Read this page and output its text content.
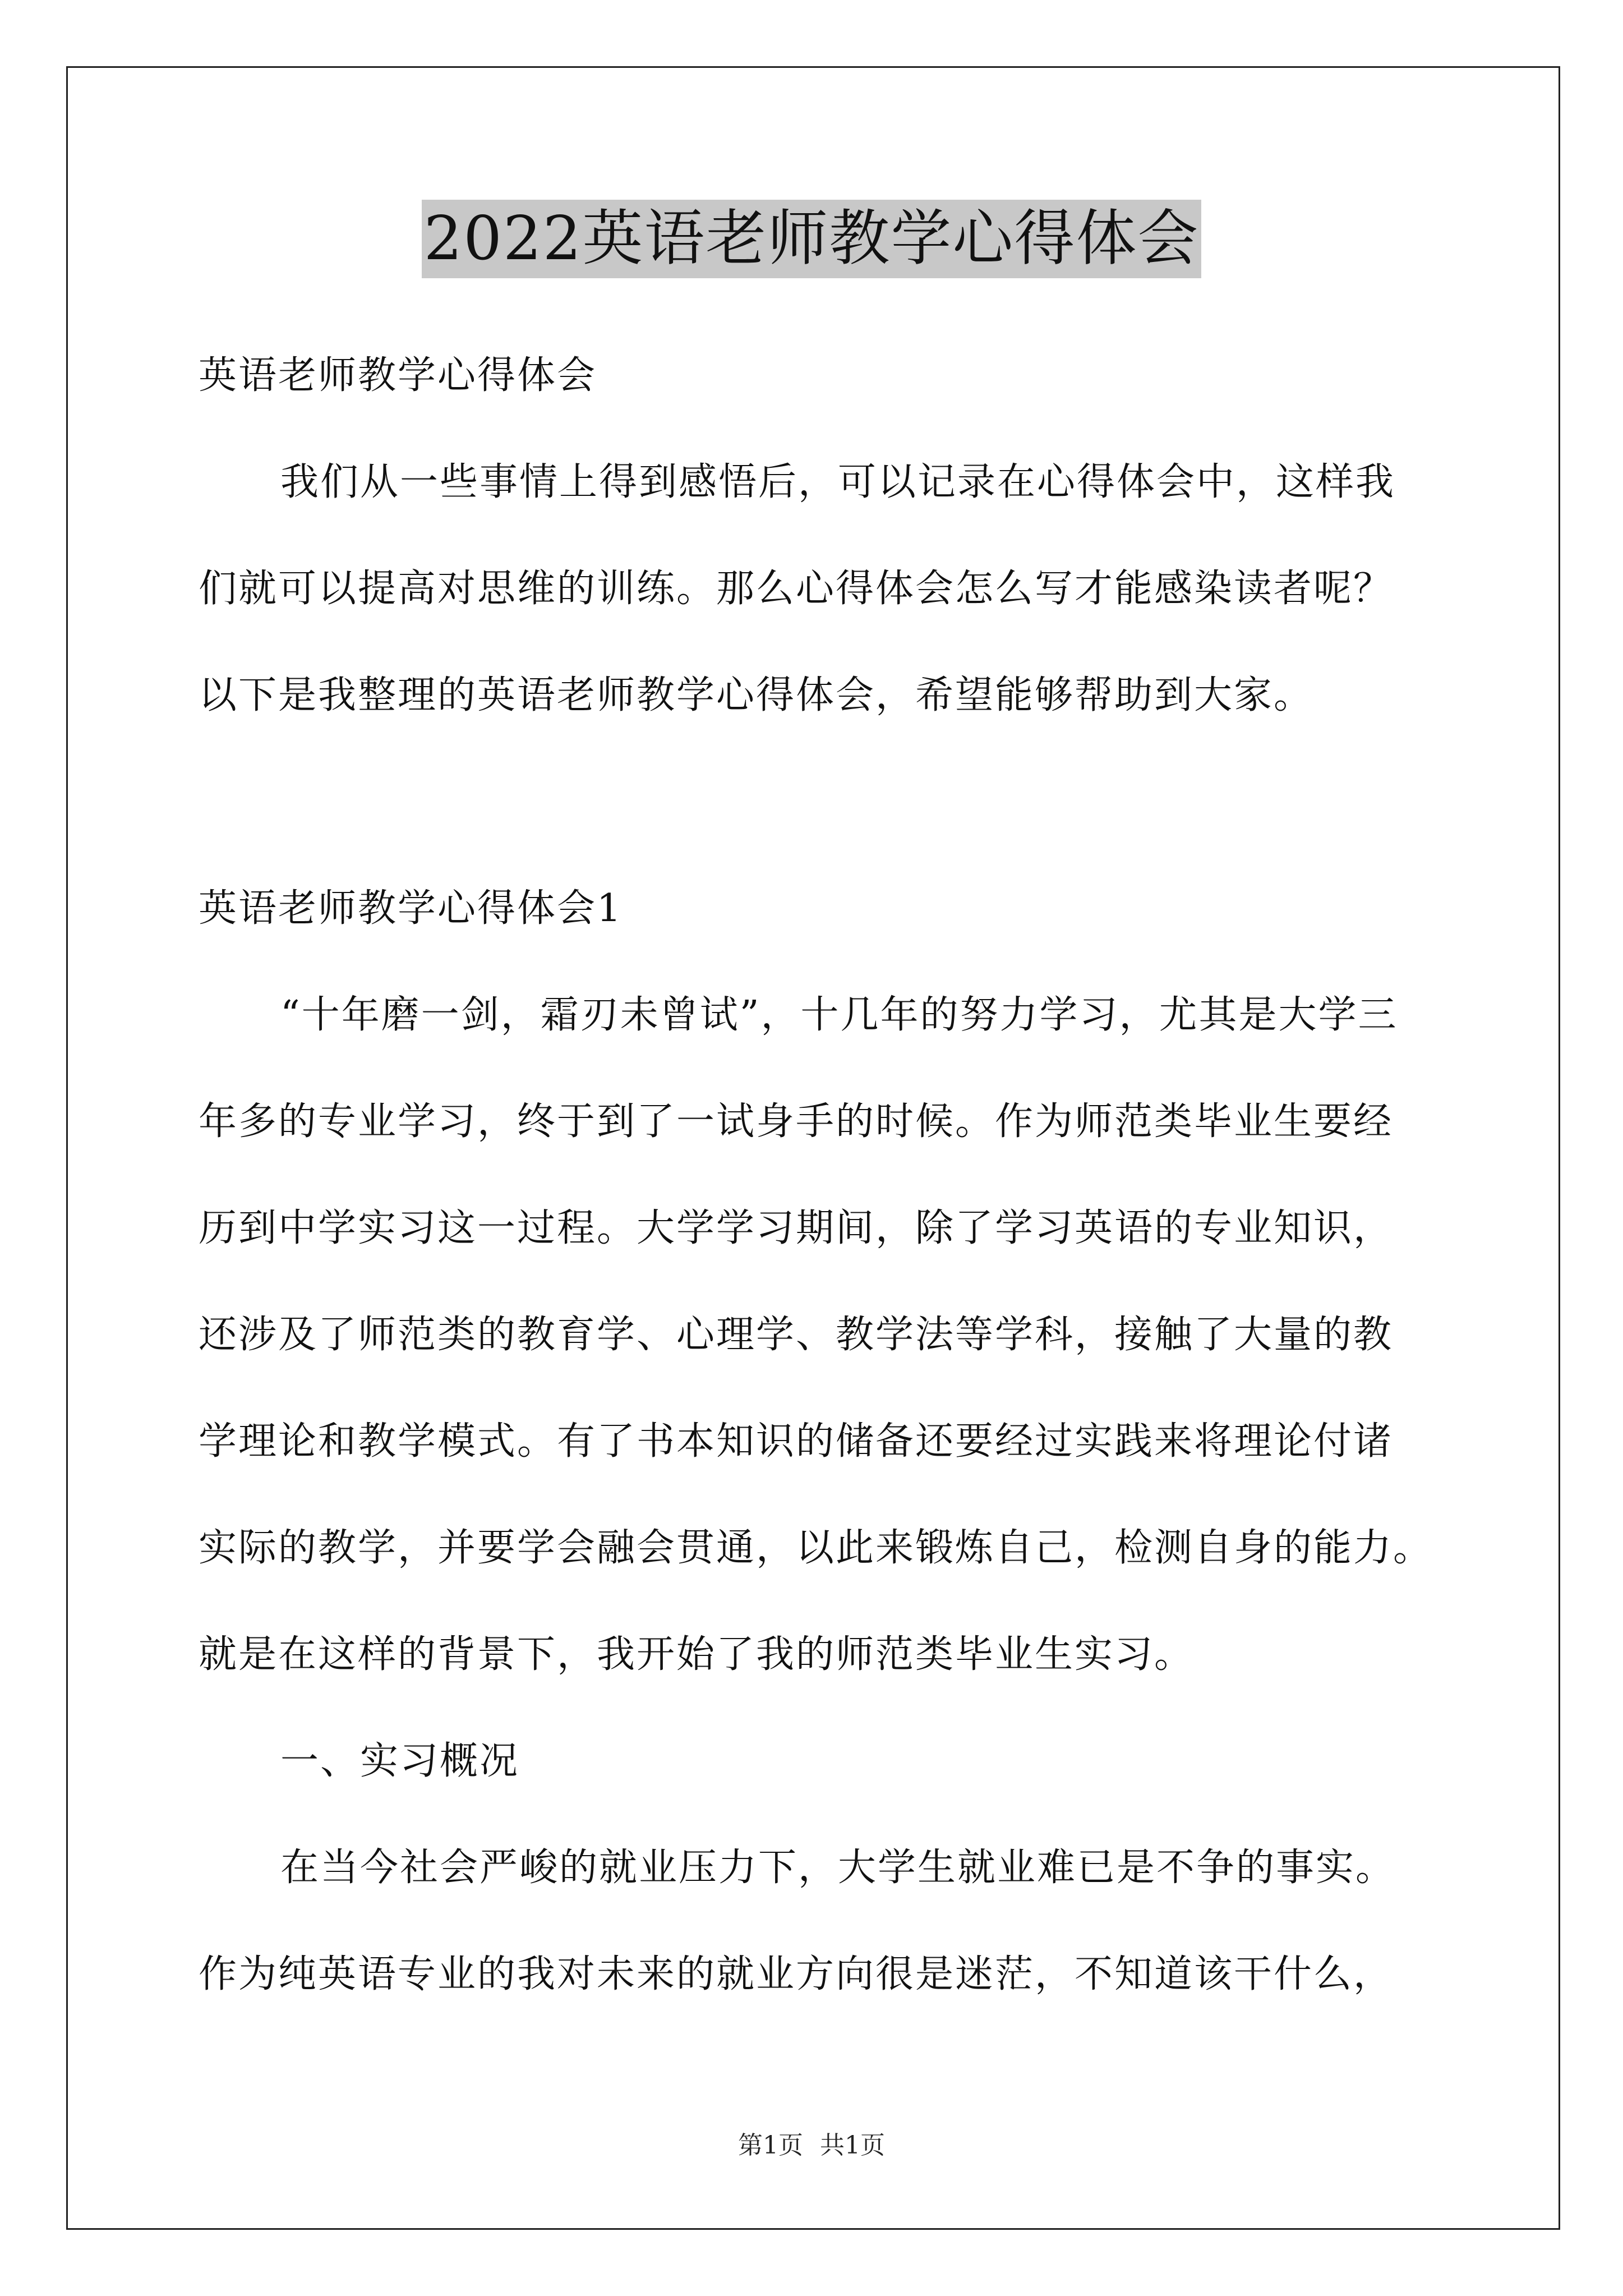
2022英语老师教学心得体会
英语老师教学心得体会
我们从一些事情上得到感悟后，可以记录在心得体会中，这样我
们就可以提高对思维的训练。那么心得体会怎么写才能感染读者呢？
以下是我整理的英语老师教学心得体会，希望能够帮助到大家。
英语老师教学心得体会1
“十年磨一剑，霜刃未曾试”，十几年的努力学习，尤其是大学三
年多的专业学习，终于到了一试身手的时候。作为师范类毕业生要经
历到中学实习这一过程。大学学习期间，除了学习英语的专业知识，
还涉及了师范类的教育学、心理学、教学法等学科，接触了大量的教
学理论和教学模式。有了书本知识的储备还要经过实践来将理论付诸
实际的教学，并要学会融会贯通，以此来锻炼自己，检测自身的能力。
就是在这样的背景下，我开始了我的师范类毕业生实习。
一、实习概况
在当今社会严峻的就业压力下，大学生就业难已是不争的事实。
作为纯英语专业的我对未来的就业方向很是迷茫，不知道该干什么，
第1页 共1页
